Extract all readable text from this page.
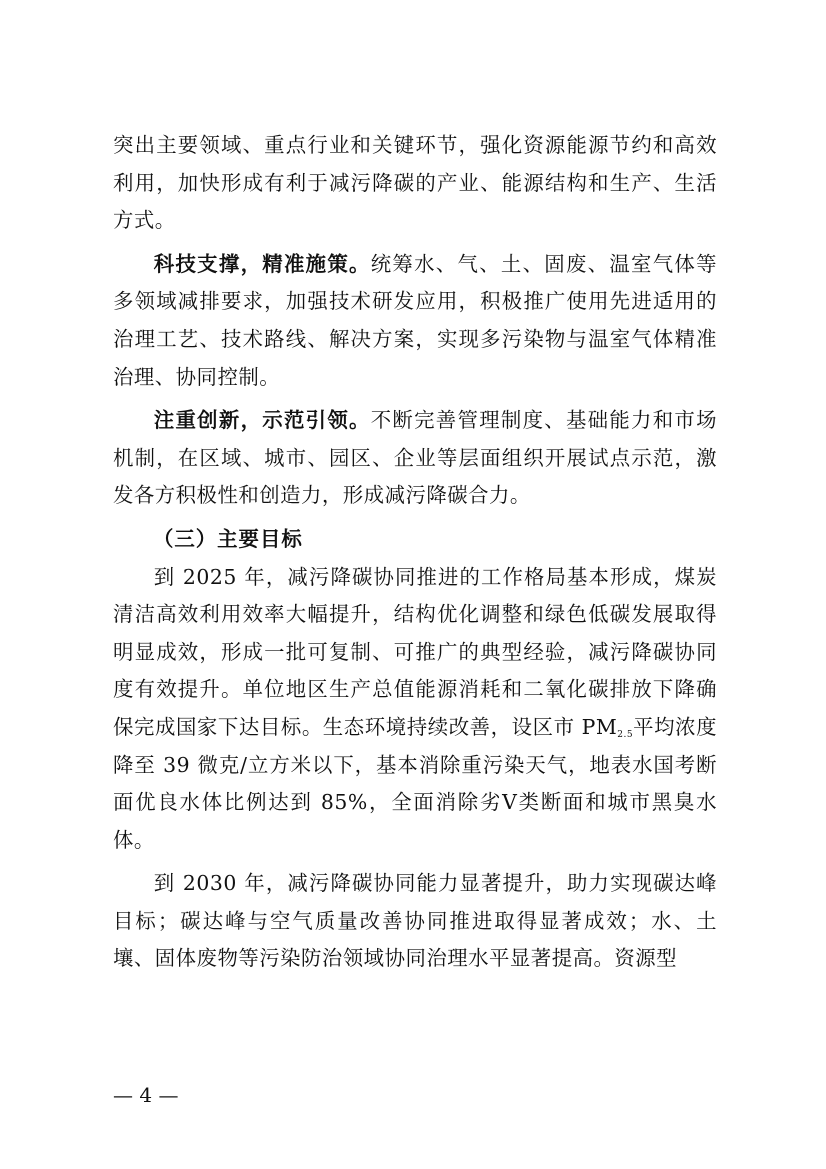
突出主要领域、重点行业和关键环节，强化资源能源节约和高效利用，加快形成有利于减污降碳的产业、能源结构和生产、生活方式。

科技支撑，精准施策。统筹水、气、土、固废、温室气体等多领域减排要求，加强技术研发应用，积极推广使用先进适用的治理工艺、技术路线、解决方案，实现多污染物与温室气体精准治理、协同控制。

注重创新，示范引领。不断完善管理制度、基础能力和市场机制，在区域、城市、园区、企业等层面组织开展试点示范，激发各方积极性和创造力，形成减污降碳合力。

（三）主要目标

到 2025 年，减污降碳协同推进的工作格局基本形成，煤炭清洁高效利用效率大幅提升，结构优化调整和绿色低碳发展取得明显成效，形成一批可复制、可推广的典型经验，减污降碳协同度有效提升。单位地区生产总值能源消耗和二氧化碳排放下降确保完成国家下达目标。生态环境持续改善，设区市 $PM_{2.5}$平均浓度降至 39 微克/立方米以下，基本消除重污染天气，地表水国考断面优良水体比例达到 85%，全面消除劣Ⅴ类断面和城市黑臭水体。

到 2030 年，减污降碳协同能力显著提升，助力实现碳达峰目标；碳达峰与空气质量改善协同推进取得显著成效；水、土壤、固体废物等污染防治领域协同治理水平显著提高。资源型

— 4 —
